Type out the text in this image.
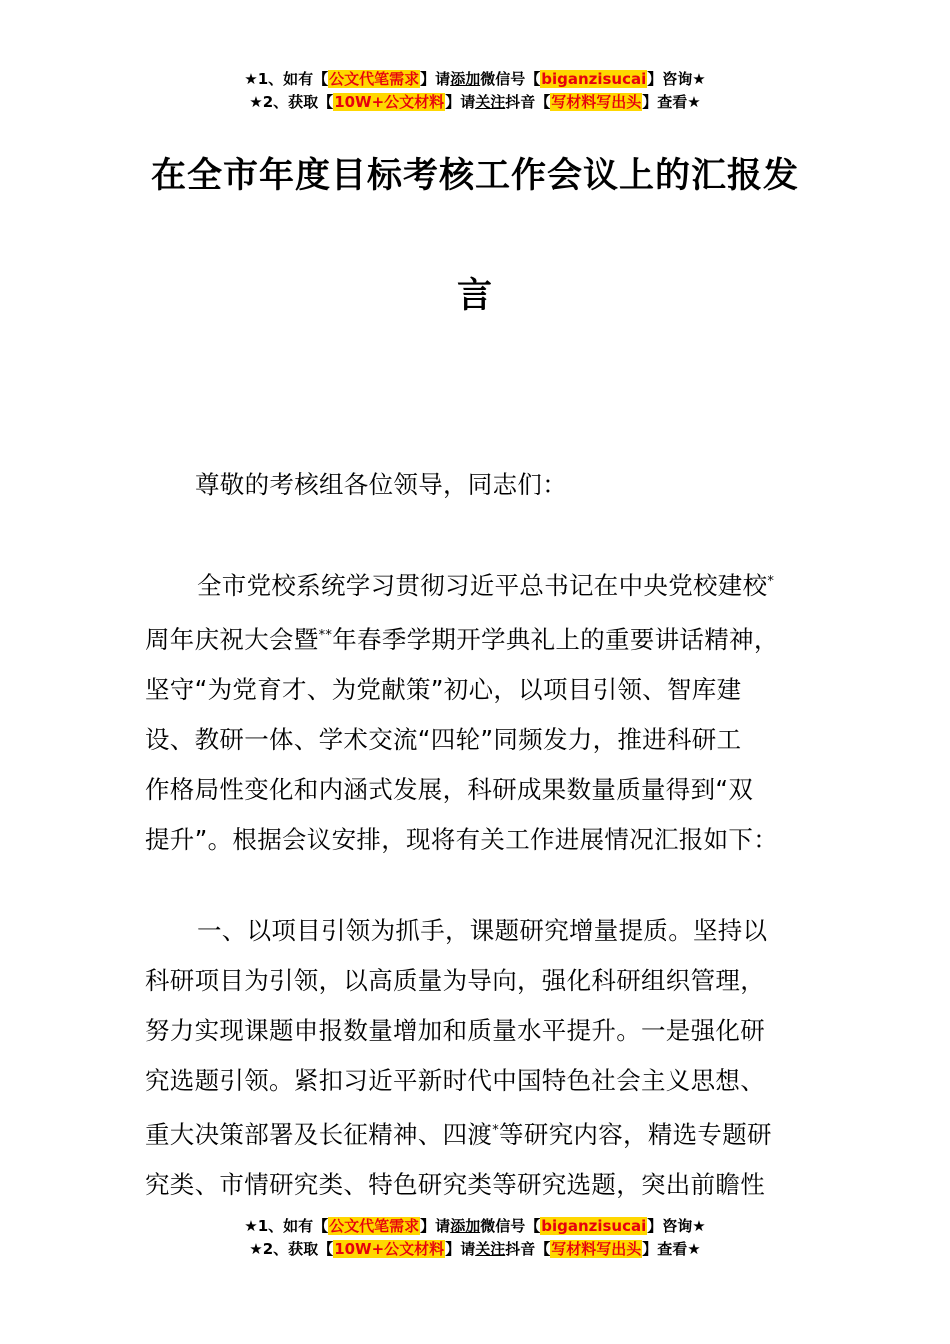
★1、如有【公文代笔需求】请添加微信号【biganzisucai】咨询★
★2、获取【10W+公文材料】请关注抖音【写材料写出头】查看★
在全市年度目标考核工作会议上的汇报发
言
尊敬的考核组各位领导，同志们：
全市党校系统学习贯彻习近平总书记在中央党校建校*
周年庆祝大会暨**年春季学期开学典礼上的重要讲话精神，
坚守“为党育才、为党献策”初心，以项目引领、智库建
设、教研一体、学术交流“四轮”同频发力，推进科研工
作格局性变化和内涵式发展，科研成果数量质量得到“双
提升”。根据会议安排，现将有关工作进展情况汇报如下：
一、以项目引领为抓手，课题研究增量提质。坚持以
科研项目为引领，以高质量为导向，强化科研组织管理，
努力实现课题申报数量增加和质量水平提升。一是强化研
究选题引领。紧扣习近平新时代中国特色社会主义思想、
重大决策部署及长征精神、四渡*等研究内容，精选专题研
究类、市情研究类、特色研究类等研究选题，突出前瞻性
★1、如有【公文代笔需求】请添加微信号【biganzisucai】咨询★
★2、获取【10W+公文材料】请关注抖音【写材料写出头】查看★
